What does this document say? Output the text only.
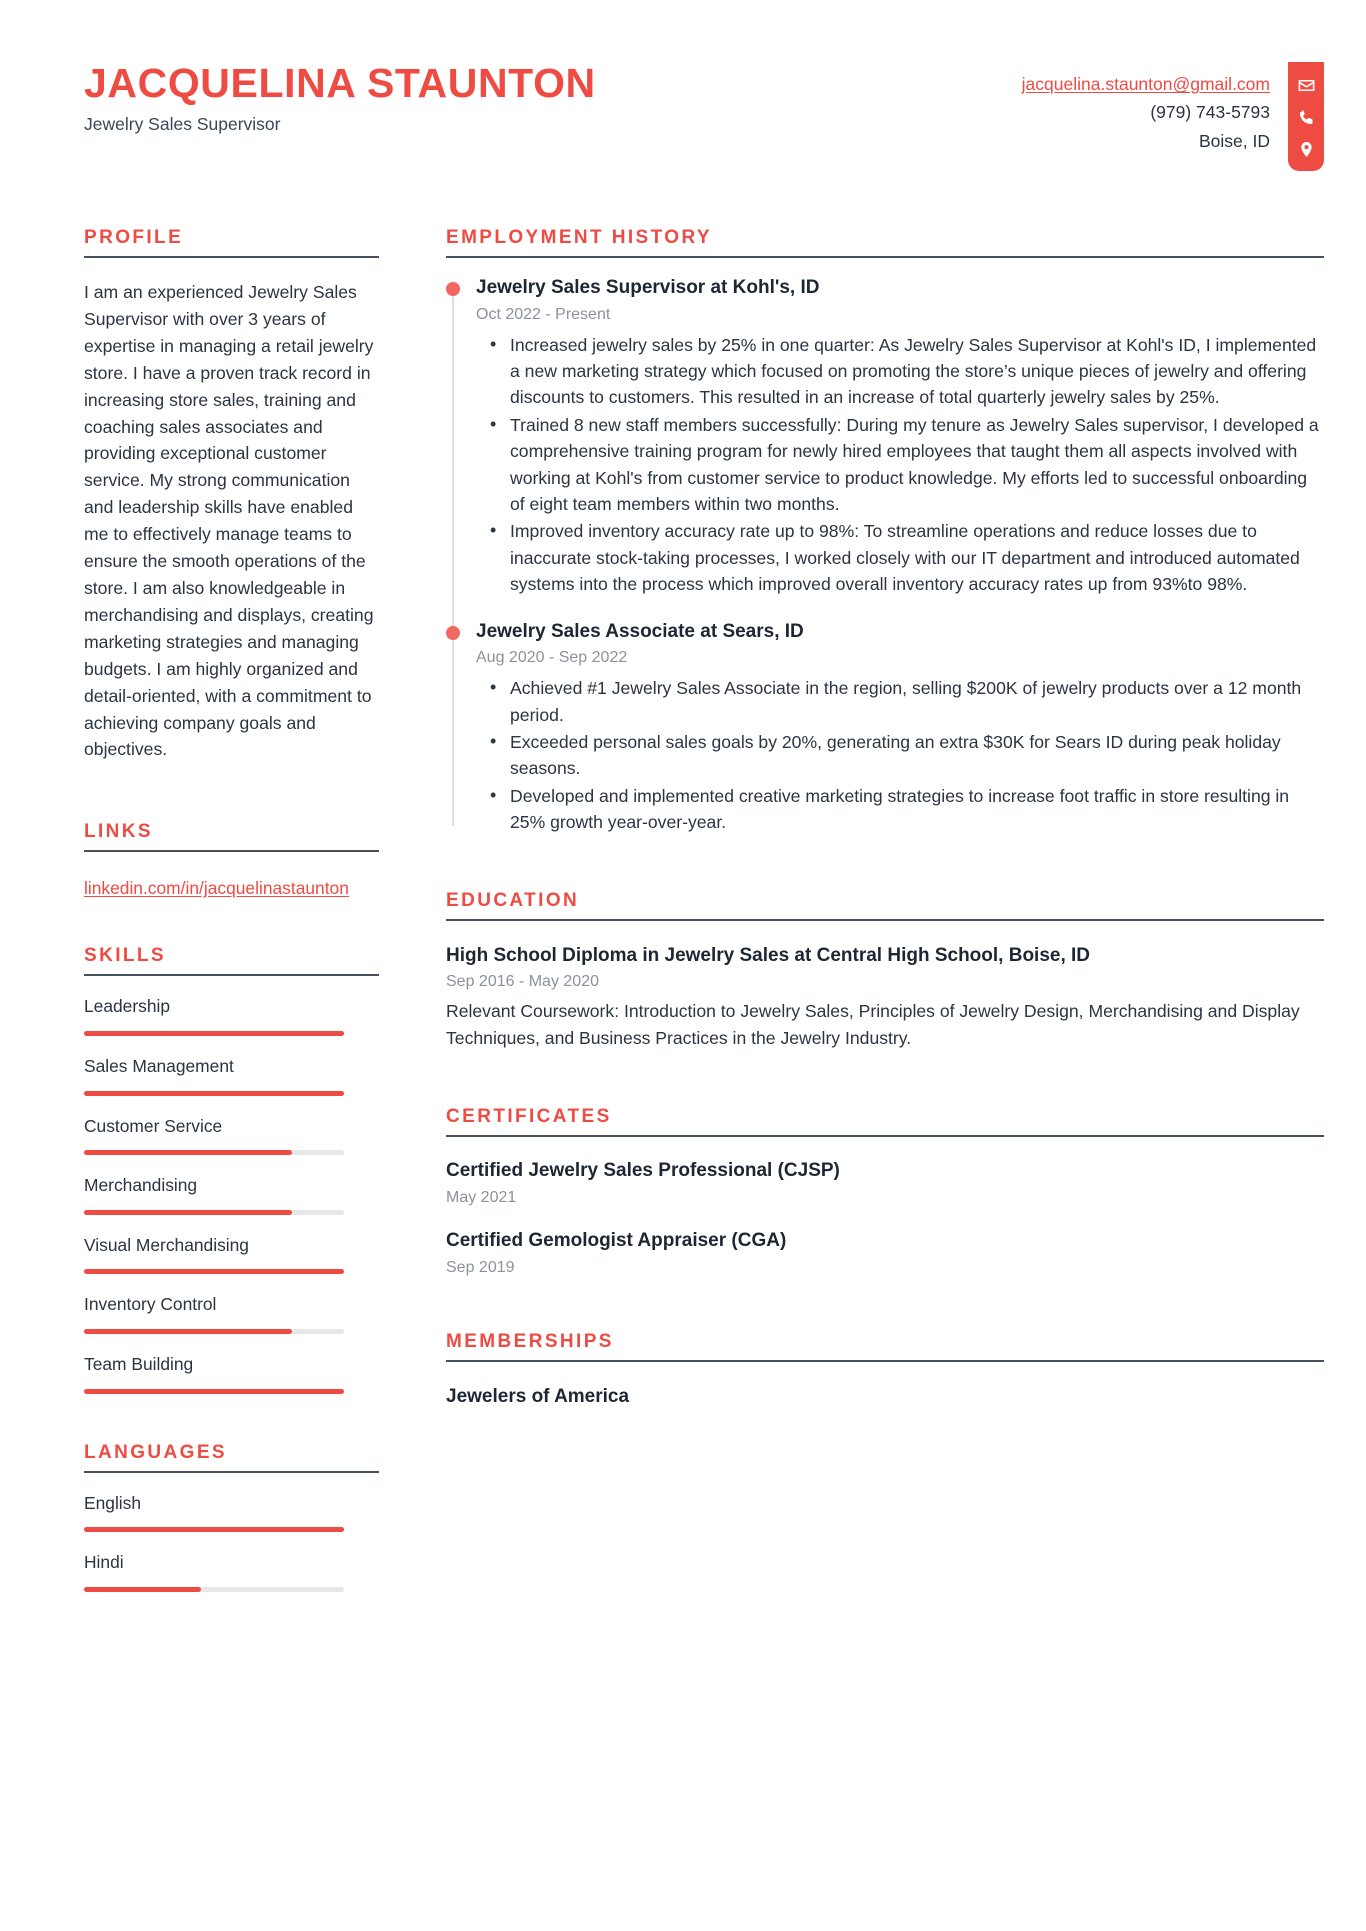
JACQUELINA STAUNTON
Jewelry Sales Supervisor
jacquelina.staunton@gmail.com
(979) 743-5793
Boise, ID
PROFILE
I am an experienced Jewelry Sales Supervisor with over 3 years of expertise in managing a retail jewelry store. I have a proven track record in increasing store sales, training and coaching sales associates and providing exceptional customer service. My strong communication and leadership skills have enabled me to effectively manage teams to ensure the smooth operations of the store. I am also knowledgeable in merchandising and displays, creating marketing strategies and managing budgets. I am highly organized and detail-oriented, with a commitment to achieving company goals and objectives.
LINKS
linkedin.com/in/jacquelinastaunton
SKILLS
Leadership
Sales Management
Customer Service
Merchandising
Visual Merchandising
Inventory Control
Team Building
LANGUAGES
English
Hindi
EMPLOYMENT HISTORY
Jewelry Sales Supervisor at Kohl's, ID
Oct 2022 - Present
• Increased jewelry sales by 25% in one quarter: As Jewelry Sales Supervisor at Kohl's ID, I implemented a new marketing strategy which focused on promoting the store’s unique pieces of jewelry and offering discounts to customers. This resulted in an increase of total quarterly jewelry sales by 25%.
• Trained 8 new staff members successfully: During my tenure as Jewelry Sales supervisor, I developed a comprehensive training program for newly hired employees that taught them all aspects involved with working at Kohl's from customer service to product knowledge. My efforts led to successful onboarding of eight team members within two months.
• Improved inventory accuracy rate up to 98%: To streamline operations and reduce losses due to inaccurate stock-taking processes, I worked closely with our IT department and introduced automated systems into the process which improved overall inventory accuracy rates up from 93%to 98%.
Jewelry Sales Associate at Sears, ID
Aug 2020 - Sep 2022
• Achieved #1 Jewelry Sales Associate in the region, selling $200K of jewelry products over a 12 month period.
• Exceeded personal sales goals by 20%, generating an extra $30K for Sears ID during peak holiday seasons.
• Developed and implemented creative marketing strategies to increase foot traffic in store resulting in 25% growth year-over-year.
EDUCATION
High School Diploma in Jewelry Sales at Central High School, Boise, ID
Sep 2016 - May 2020
Relevant Coursework: Introduction to Jewelry Sales, Principles of Jewelry Design, Merchandising and Display Techniques, and Business Practices in the Jewelry Industry.
CERTIFICATES
Certified Jewelry Sales Professional (CJSP)
May 2021
Certified Gemologist Appraiser (CGA)
Sep 2019
MEMBERSHIPS
Jewelers of America
